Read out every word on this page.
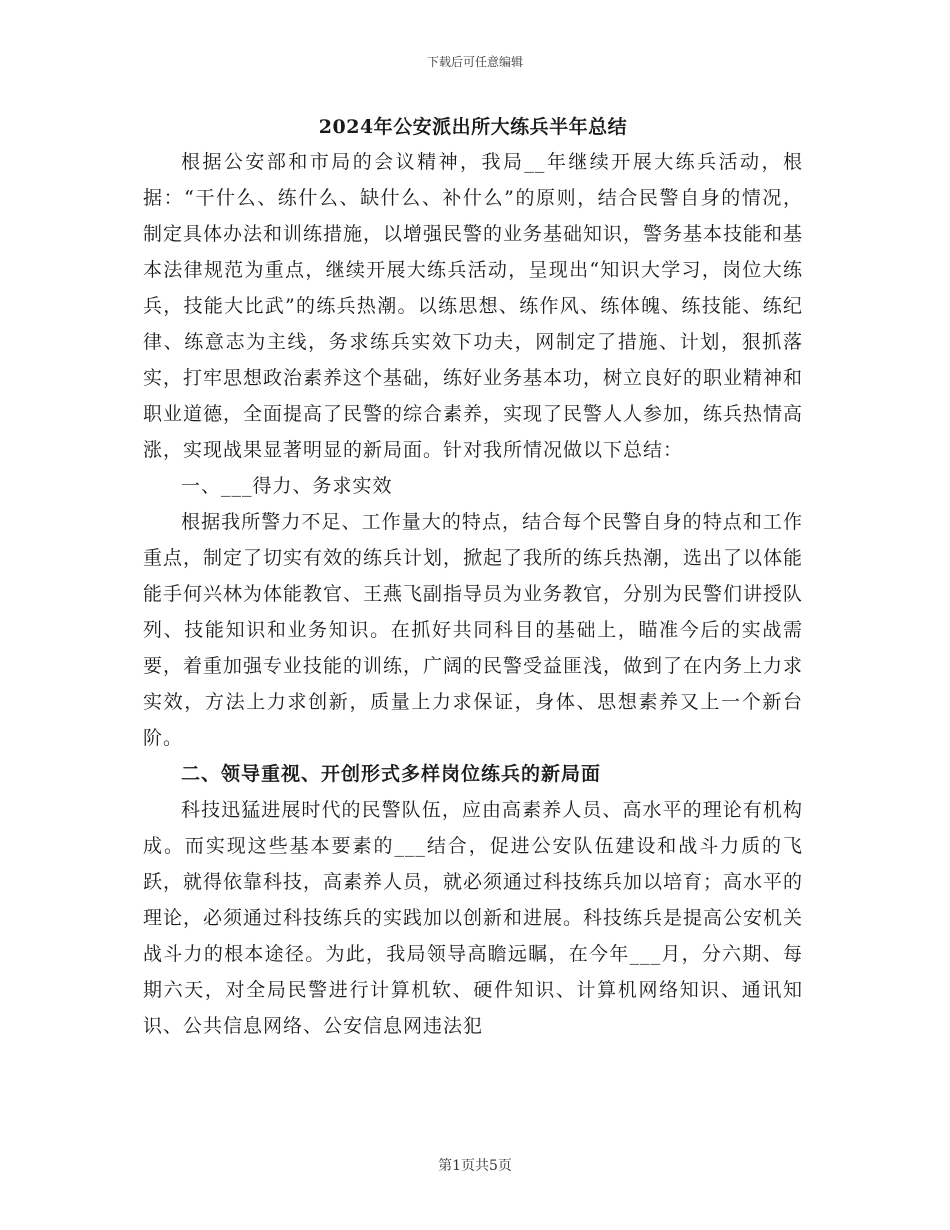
下载后可任意编辑
2024年公安派出所大练兵半年总结

根据公安部和市局的会议精神，我局__年继续开展大练兵活动，根据：“干什么、练什么、缺什么、补什么”的原则，结合民警自身的情况，制定具体办法和训练措施，以增强民警的业务基础知识，警务基本技能和基本法律规范为重点，继续开展大练兵活动，呈现出“知识大学习，岗位大练兵，技能大比武”的练兵热潮。以练思想、练作风、练体魄、练技能、练纪律、练意志为主线，务求练兵实效下功夫，网制定了措施、计划，狠抓落实，打牢思想政治素养这个基础，练好业务基本功，树立良好的职业精神和职业道德，全面提高了民警的综合素养，实现了民警人人参加，练兵热情高涨，实现战果显著明显的新局面。针对我所情况做以下总结：

一、___得力、务求实效

根据我所警力不足、工作量大的特点，结合每个民警自身的特点和工作重点，制定了切实有效的练兵计划，掀起了我所的练兵热潮，选出了以体能能手何兴林为体能教官、王燕飞副指导员为业务教官，分别为民警们讲授队列、技能知识和业务知识。在抓好共同科目的基础上，瞄准今后的实战需要，着重加强专业技能的训练，广阔的民警受益匪浅，做到了在内务上力求实效，方法上力求创新，质量上力求保证，身体、思想素养又上一个新台阶。

二、领导重视、开创形式多样岗位练兵的新局面

科技迅猛进展时代的民警队伍，应由高素养人员、高水平的理论有机构成。而实现这些基本要素的___结合，促进公安队伍建设和战斗力质的飞跃，就得依靠科技，高素养人员，就必须通过科技练兵加以培育；高水平的理论，必须通过科技练兵的实践加以创新和进展。科技练兵是提高公安机关战斗力的根本途径。为此，我局领导高瞻远瞩，在今年___月，分六期、每期六天，对全局民警进行计算机软、硬件知识、计算机网络知识、通讯知识、公共信息网络、公安信息网违法犯

第1页共5页
